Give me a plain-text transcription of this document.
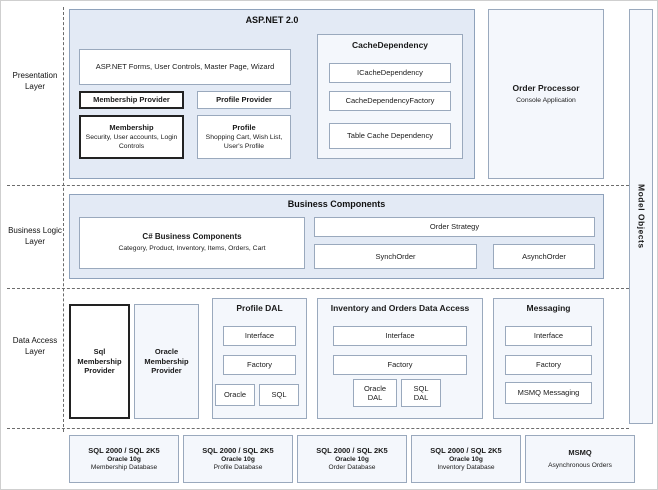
Presentation
Layer
Business Logic
Layer
Data Access
Layer
ASP.NET 2.0
ASP.NET Forms, User Controls, Master Page, Wizard
Membership Provider	Profile Provider
Membership
Security, User accounts, Login Controls
Profile
Shopping Cart, Wish List, User's Profile
CacheDependency
ICacheDependency
CacheDependencyFactory
Table Cache Dependency
Order Processor
Console Application
Model Objects
Business Components
C# Business Components
Category, Product, Inventory, Items, Orders, Cart
Order Strategy
SynchOrder	AsynchOrder
Sql
Membership
Provider
Oracle
Membership
Provider
Profile DAL
Interface
Factory
Oracle	SQL
Inventory and Orders Data Access
Interface
Factory
Oracle
DAL
SQL
DAL
Messaging
Interface
Factory
MSMQ Messaging
SQL 2000 / SQL 2K5
Oracle 10g
Membership Database
SQL 2000 / SQL 2K5
Oracle 10g
Profile Database
SQL 2000 / SQL 2K5
Oracle 10g
Order Database
SQL 2000 / SQL 2K5
Oracle 10g
Inventory Database
MSMQ
Asynchronous Orders
